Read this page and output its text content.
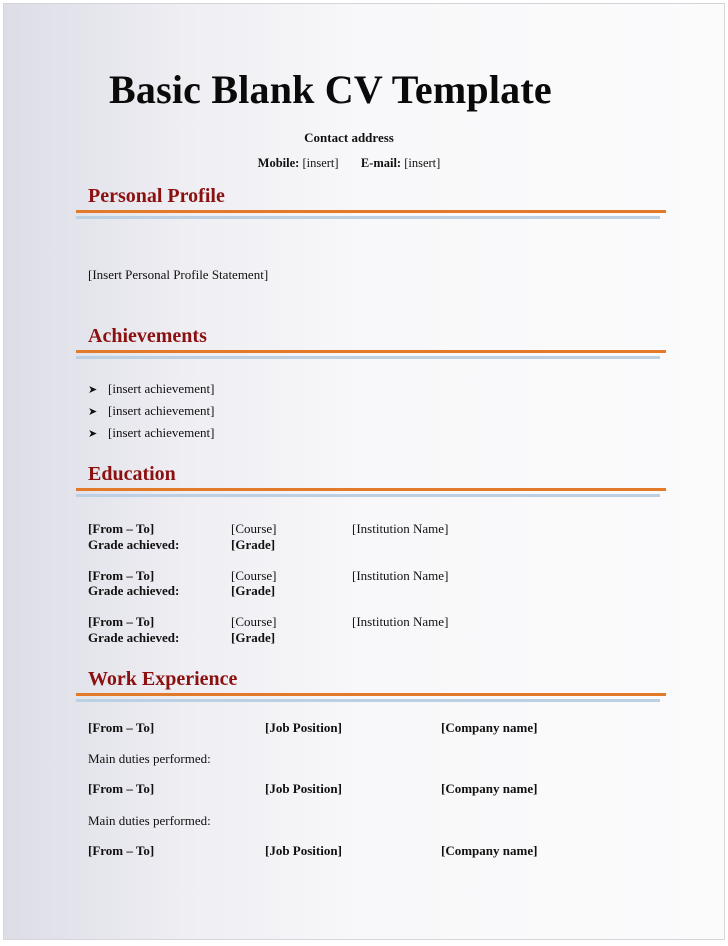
Basic Blank CV Template
Contact address
Mobile: [insert] E-mail: [insert]
Personal Profile
[Insert Personal Profile Statement]
Achievements
➤ [insert achievement]
➤ [insert achievement]
➤ [insert achievement]
Education
[From – To]	[Course]	[Institution Name]
Grade achieved:	[Grade]
[From – To]	[Course]	[Institution Name]
Grade achieved:	[Grade]
[From – To]	[Course]	[Institution Name]
Grade achieved:	[Grade]
Work Experience
[From – To]	[Job Position]	[Company name]
Main duties performed:
[From – To]	[Job Position]	[Company name]
Main duties performed:
[From – To]	[Job Position]	[Company name]
